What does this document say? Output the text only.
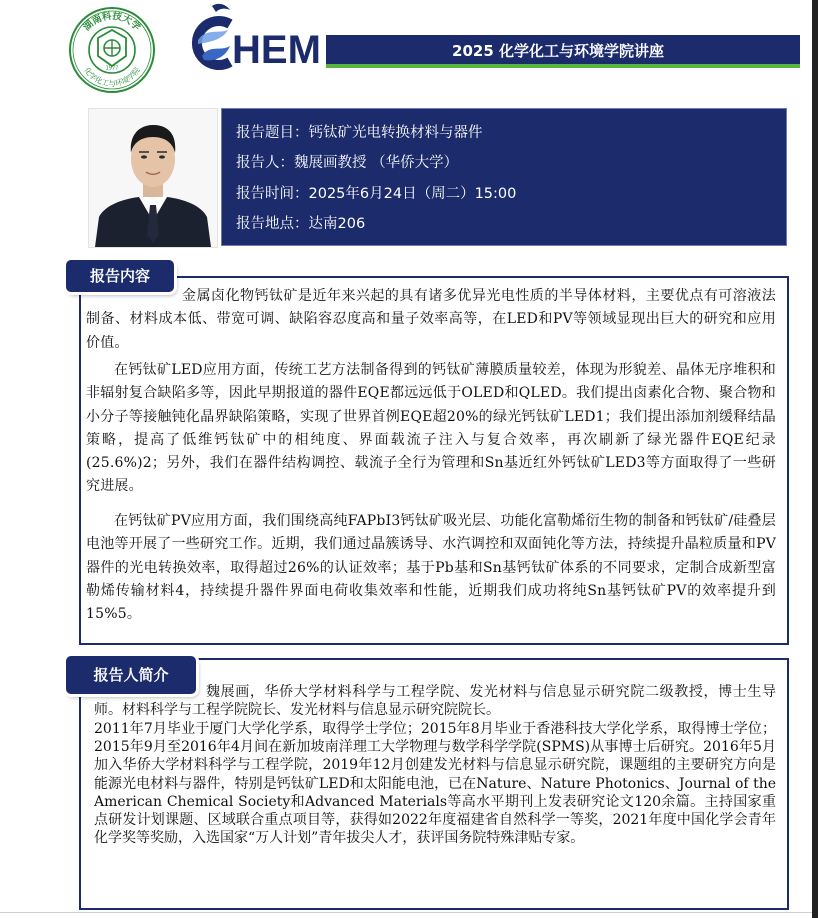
湖南科技大学
化学化工与环境学院
1977	HEM	2025 化学化工与环境学院讲座
报告题目：钙钛矿光电转换材料与器件
报告人：魏展画教授 （华侨大学）
报告时间：2025年6月24日（周二）15:00
报告地点：达南206
报告内容

金属卤化物钙钛矿是近年来兴起的具有诸多优异光电性质的半导体材料，主要优点有可溶液法制备、材料成本低、带宽可调、缺陷容忍度高和量子效率高等，在LED和PV等领域显现出巨大的研究和应用价值。

在钙钛矿LED应用方面，传统工艺方法制备得到的钙钛矿薄膜质量较差，体现为形貌差、晶体无序堆积和非辐射复合缺陷多等，因此早期报道的器件EQE都远远低于OLED和QLED。我们提出卤素化合物、聚合物和小分子等接触钝化晶界缺陷策略，实现了世界首例EQE超20%的绿光钙钛矿LED1；我们提出添加剂缓释结晶策略，提高了低维钙钛矿中的相纯度、界面载流子注入与复合效率，再次刷新了绿光器件EQE纪录(25.6%)2；另外，我们在器件结构调控、载流子全行为管理和Sn基近红外钙钛矿LED3等方面取得了一些研究进展。

在钙钛矿PV应用方面，我们围绕高纯FAPbI3钙钛矿吸光层、功能化富勒烯衍生物的制备和钙钛矿/硅叠层电池等开展了一些研究工作。近期，我们通过晶簇诱导、水汽调控和双面钝化等方法，持续提升晶粒质量和PV器件的光电转换效率，取得超过26%的认证效率；基于Pb基和Sn基钙钛矿体系的不同要求，定制合成新型富勒烯传输材料4，持续提升器件界面电荷收集效率和性能，近期我们成功将纯Sn基钙钛矿PV的效率提升到15%5。

报告人简介

魏展画，华侨大学材料科学与工程学院、发光材料与信息显示研究院二级教授，博士生导师。材料科学与工程学院院长、发光材料与信息显示研究院院长。

2011年7月毕业于厦门大学化学系，取得学士学位；2015年8月毕业于香港科技大学化学系，取得博士学位；2015年9月至2016年4月间在新加坡南洋理工大学物理与数学科学学院(SPMS)从事博士后研究。2016年5月加入华侨大学材料科学与工程学院，2019年12月创建发光材料与信息显示研究院，课题组的主要研究方向是能源光电材料与器件，特别是钙钛矿LED和太阳能电池，已在Nature、Nature Photonics、Journal of the American Chemical Society和Advanced Materials等高水平期刊上发表研究论文120余篇。主持国家重点研发计划课题、区域联合重点项目等，获得如2022年度福建省自然科学一等奖，2021年度中国化学会青年化学奖等奖励，入选国家“万人计划”青年拔尖人才，获评国务院特殊津贴专家。
